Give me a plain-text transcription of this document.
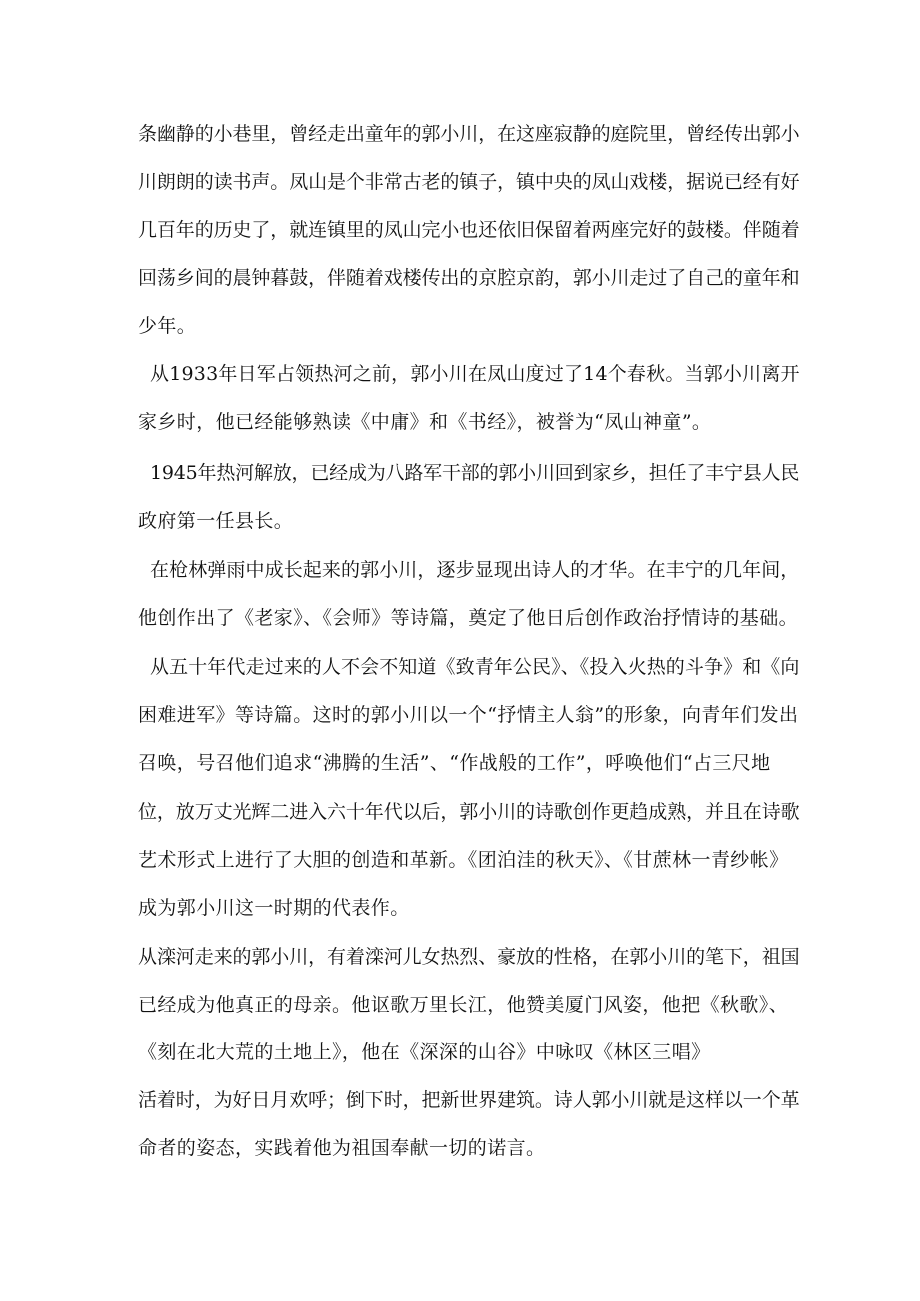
条幽静的小巷里，曾经走出童年的郭小川，在这座寂静的庭院里，曾经传出郭小
川朗朗的读书声。凤山是个非常古老的镇子，镇中央的凤山戏楼，据说已经有好
几百年的历史了，就连镇里的凤山完小也还依旧保留着两座完好的鼓楼。伴随着
回荡乡间的晨钟暮鼓，伴随着戏楼传出的京腔京韵，郭小川走过了自己的童年和
少年。
从1933年日军占领热河之前，郭小川在凤山度过了14个春秋。当郭小川离开
家乡时，他已经能够熟读《中庸》和《书经》，被誉为“凤山神童”。
1945年热河解放，已经成为八路军干部的郭小川回到家乡，担任了丰宁县人民
政府第一任县长。
在枪林弹雨中成长起来的郭小川，逐步显现出诗人的才华。在丰宁的几年间，
他创作出了《老家》、《会师》等诗篇，奠定了他日后创作政治抒情诗的基础。
从五十年代走过来的人不会不知道《致青年公民》、《投入火热的斗争》和《向
困难进军》等诗篇。这时的郭小川以一个“抒情主人翁”的形象，向青年们发出
召唤，号召他们追求“沸腾的生活”、“作战般的工作”，呼唤他们“占三尺地
位，放万丈光辉二进入六十年代以后，郭小川的诗歌创作更趋成熟，并且在诗歌
艺术形式上进行了大胆的创造和革新。《团泊洼的秋天》、《甘蔗林一青纱帐》
成为郭小川这一时期的代表作。
从滦河走来的郭小川，有着滦河儿女热烈、豪放的性格，在郭小川的笔下，祖国
已经成为他真正的母亲。他讴歌万里长江，他赞美厦门风姿，他把《秋歌》、
《刻在北大荒的土地上》，他在《深深的山谷》中咏叹《林区三唱》
活着时，为好日月欢呼；倒下时，把新世界建筑。诗人郭小川就是这样以一个革
命者的姿态，实践着他为祖国奉献一切的诺言。
